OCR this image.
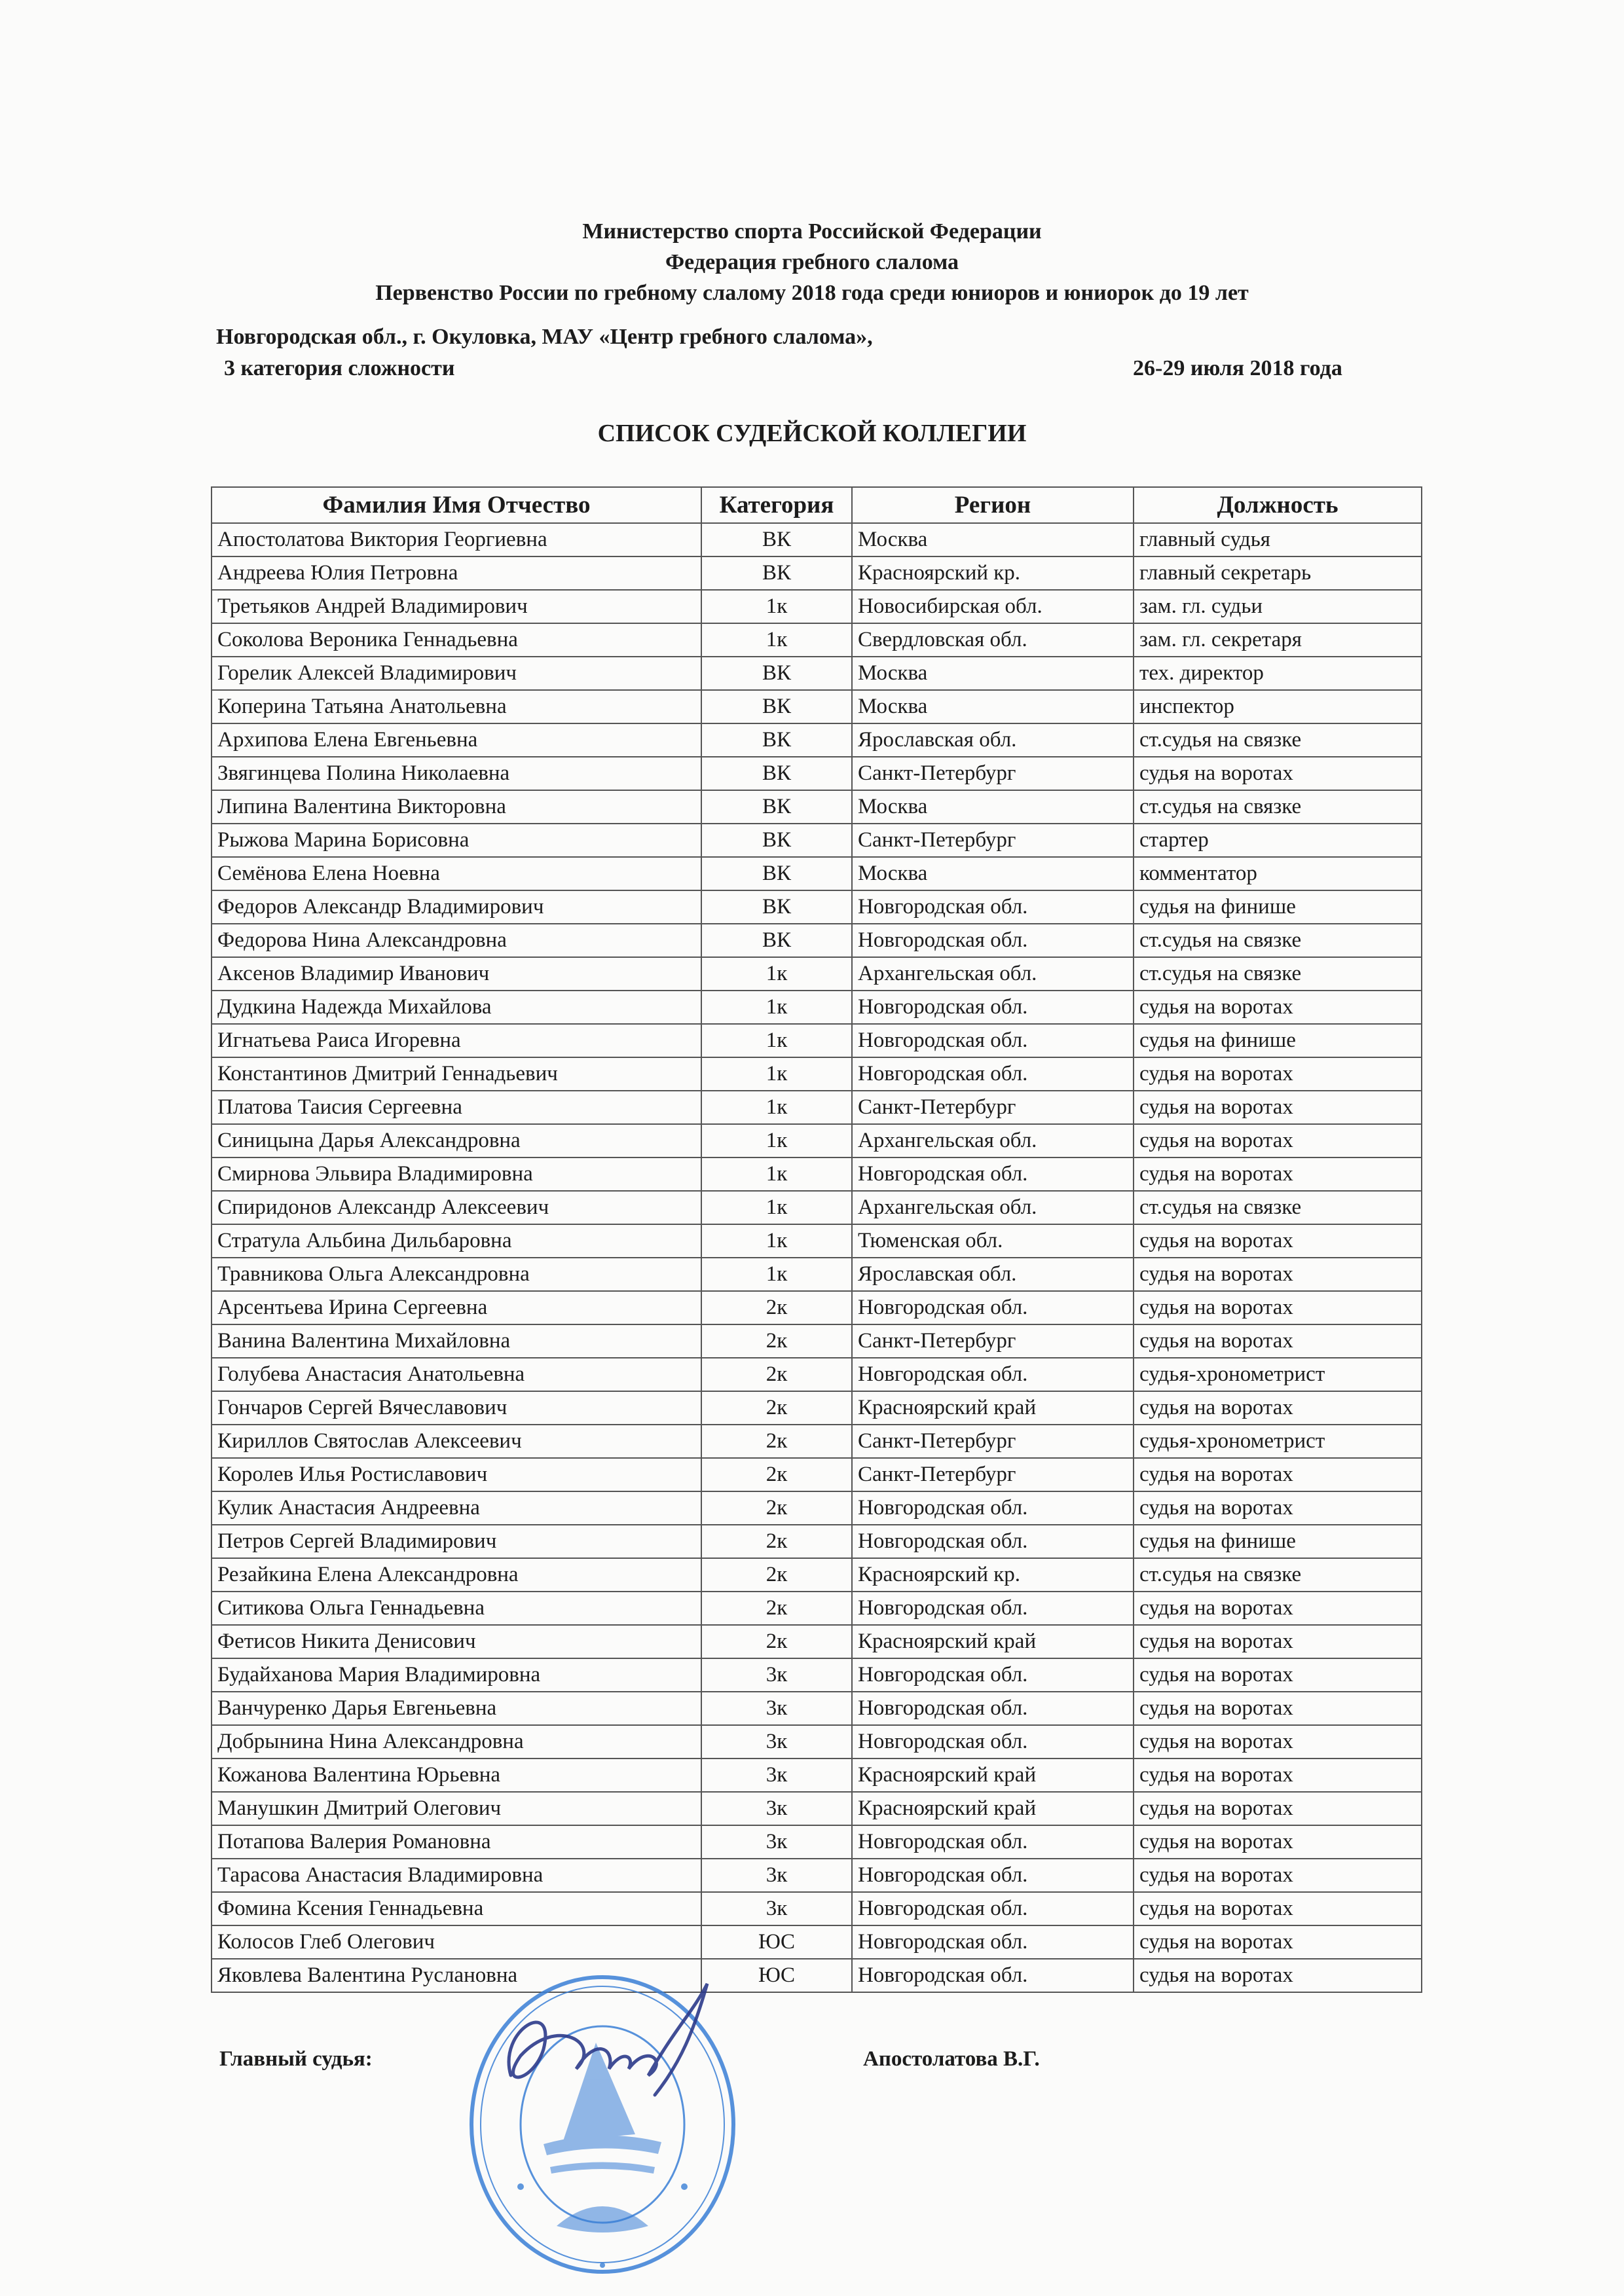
Министерство спорта Российской Федерации
Федерация гребного слалома
Первенство России по гребному слалому 2018 года среди юниоров и юниорок до 19 лет
Новгородская обл., г. Окуловка, МАУ «Центр гребного слалома»,
3 категория сложности	26-29 июля 2018 года
СПИСОК СУДЕЙСКОЙ КОЛЛЕГИИ
Фамилия Имя Отчество	Категория	Регион	Должность
Апостолатова Виктория Георгиевна	ВК	Москва	главный судья
Андреева Юлия Петровна	ВК	Красноярский кр.	главный секретарь
Третьяков Андрей Владимирович	1к	Новосибирская обл.	зам. гл. судьи
Соколова Вероника Геннадьевна	1к	Свердловская обл.	зам. гл. секретаря
Горелик Алексей Владимирович	ВК	Москва	тех. директор
Коперина Татьяна Анатольевна	ВК	Москва	инспектор
Архипова Елена Евгеньевна	ВК	Ярославская обл.	ст.судья на связке
Звягинцева Полина Николаевна	ВК	Санкт-Петербург	судья на воротах
Липина Валентина Викторовна	ВК	Москва	ст.судья на связке
Рыжова Марина Борисовна	ВК	Санкт-Петербург	стартер
Семёнова Елена Ноевна	ВК	Москва	комментатор
Федоров Александр Владимирович	ВК	Новгородская обл.	судья на финише
Федорова Нина Александровна	ВК	Новгородская обл.	ст.судья на связке
Аксенов Владимир Иванович	1к	Архангельская обл.	ст.судья на связке
Дудкина Надежда Михайлова	1к	Новгородская обл.	судья на воротах
Игнатьева Раиса Игоревна	1к	Новгородская обл.	судья на финише
Константинов Дмитрий Геннадьевич	1к	Новгородская обл.	судья на воротах
Платова Таисия Сергеевна	1к	Санкт-Петербург	судья на воротах
Синицына Дарья Александровна	1к	Архангельская обл.	судья на воротах
Смирнова Эльвира Владимировна	1к	Новгородская обл.	судья на воротах
Спиридонов Александр Алексеевич	1к	Архангельская обл.	ст.судья на связке
Стратула Альбина Дильбаровна	1к	Тюменская обл.	судья на воротах
Травникова Ольга Александровна	1к	Ярославская обл.	судья на воротах
Арсентьева Ирина Сергеевна	2к	Новгородская обл.	судья на воротах
Ванина Валентина Михайловна	2к	Санкт-Петербург	судья на воротах
Голубева Анастасия Анатольевна	2к	Новгородская обл.	судья-хронометрист
Гончаров Сергей Вячеславович	2к	Красноярский край	судья на воротах
Кириллов Святослав Алексеевич	2к	Санкт-Петербург	судья-хронометрист
Королев Илья Ростиславович	2к	Санкт-Петербург	судья на воротах
Кулик Анастасия Андреевна	2к	Новгородская обл.	судья на воротах
Петров Сергей Владимирович	2к	Новгородская обл.	судья на финише
Резайкина Елена Александровна	2к	Красноярский кр.	ст.судья на связке
Ситикова Ольга Геннадьевна	2к	Новгородская обл.	судья на воротах
Фетисов Никита Денисович	2к	Красноярский край	судья на воротах
Будайханова Мария Владимировна	3к	Новгородская обл.	судья на воротах
Ванчуренко Дарья Евгеньевна	3к	Новгородская обл.	судья на воротах
Добрынина Нина Александровна	3к	Новгородская обл.	судья на воротах
Кожанова Валентина Юрьевна	3к	Красноярский край	судья на воротах
Манушкин Дмитрий Олегович	3к	Красноярский край	судья на воротах
Потапова Валерия Романовна	3к	Новгородская обл.	судья на воротах
Тарасова Анастасия Владимировна	3к	Новгородская обл.	судья на воротах
Фомина Ксения Геннадьевна	3к	Новгородская обл.	судья на воротах
Колосов Глеб Олегович	ЮС	Новгородская обл.	судья на воротах
Яковлева Валентина Руслановна	ЮС	Новгородская обл.	судья на воротах
Главный судья:	Апостолатова В.Г.
